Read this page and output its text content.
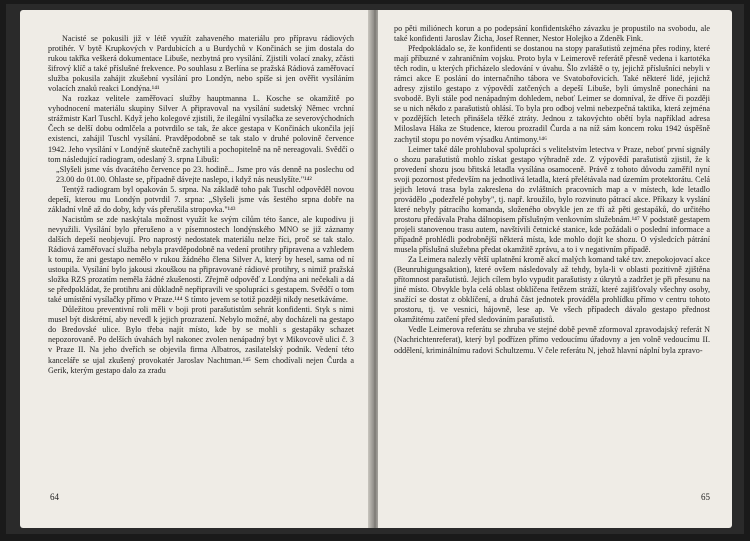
Nacisté se pokusili již v létě využít zahaveného materiálu pro přípravu rádiových protihér. V bytě Krupkových v Pardubicích a u Burdychů v Končinách se jim dostala do rukou takřka veškerá dokumentace Libuše, nezbytná pro vysílání. Zjistili volací znaky, zčásti šifrový klíč a také příslušné frekvence. Po souhlasu z Berlína se pražská Rádiová zaměřovací služba pokusila zahájit zkušební vysílání pro Londýn, nebo spíše si jen ověřit vysíláním volacích znaků reakci Londýna.¹⁴¹

Na rozkaz velitele zaměřovací služby hauptmanna L. Kosche se okamžitě po vyhodnocení materiálu skupiny Silver A připravoval na vysílání sudetský Němec vrchní strážmistr Karl Tuschl. Když jeho kolegové zjistili, že ilegální vysílačka ze severovýchodních Čech se delší dobu odmlčela a potvrdilo se tak, že akce gestapa v Končinách ukončila její existenci, zahájil Tuschl vysílání. Pravděpodobně se tak stalo v druhé polovině července 1942. Jeho vysílání v Londýně skutečně zachytili a pochopitelně na ně nereagovali. Svědčí o tom následující radiogram, odeslaný 3. srpna Libuši:

„Slyšeli jsme vás dvacátého července po 23. hodině... Jsme pro vás denně na poslechu od 23.00 do 01.00. Ohlaste se, případně dávejte naslepo, i když nás neuslyšíte."¹⁴²

Tentýž radiogram byl opakován 5. srpna. Na základě toho pak Tuschl odpověděl novou depeší, kterou mu Londýn potvrdil 7. srpna: „Slyšeli jsme vás šestého srpna dobře na základní vlně až do doby, kdy vás přerušila stropovka."¹⁴³

Nacistům se zde naskýtala možnost využít ke svým cílům této šance, ale kupodivu ji nevyužili. Vysílání bylo přerušeno a v písemnostech londýnského MNO se již záznamy dalších depeší neobjevují. Pro naprostý nedostatek materiálu nelze říci, proč se tak stalo. Rádiová zaměřovací služba nebyla pravděpodobně na vedení protihry připravena a vzhledem k tomu, že ani gestapo nemělo v rukou žádného člena Silver A, který by hesel, sama od ní ustoupila. Vysílání bylo jakousi zkouškou na připravované rádiové protihry, s nimiž pražská složka RZS prozatím neměla žádné zkušenosti. Zřejmě odpověď z Londýna ani nečekali a dá se předpokládat, že protihru ani důkladně nepřipravili ve spolupráci s gestapem. Svědčí o tom také umístění vysílačky přímo v Praze.¹⁴⁴ S tímto jevem se totiž později nikdy nesetkáváme.

Důležitou preventivní roli měli v boji proti parašutistům sehrát konfidenti. Styk s nimi musel být diskrétní, aby nevedl k jejich prozrazení. Nebylo možné, aby docházeli na gestapo do Bredovské ulice. Bylo třeba najít místo, kde by se mohli s gestapáky schazet nepozorovaně. Po delších úvahách byl nakonec zvolen nenápadný byt v Mikovcově ulici č. 3 v Praze II. Na jeho dveřích se objevila firma Albatros, zasilatelský podnik. Vedení této kanceláře se ujal zkušený provokatér Jaroslav Nachtman.¹⁴⁵ Sem chodívali nejen Čurda a Gerik, kterým gestapo dalo za zradu

64

po pěti miliónech korun a po podepsání konfidentského závazku je propustilo na svobodu, ale také konfidenti Jaroslav Žicha, Josef Renner, Nestor Holejko a Zdeněk Fink.

Předpokládalo se, že konfidenti se dostanou na stopy parašutistů zejména přes rodiny, které mají příbuzné v zahraničním vojsku. Proto byla v Leimerově referátě přesně vedena i kartotéka těch rodin, u kterých přicházelo sledování v úvahu. Šlo zvláště o ty, jejichž příslušníci nebyli v rámci akce E poslání do internačního tábora ve Svatobořovicích. Také některé lidé, jejichž adresy zjistilo gestapo z výpovědí zatčených a depeší Libuše, byli úmyslně ponecháni na svobodě. Byli stále pod nenápadným dohledem, neboť Leimer se domníval, že dříve či později se u nich někdo z parašutistů ohlásí. To byla pro odboj velmi nebezpečná taktika, která zejména v pozdějších letech přinášela těžké ztráty. Jednou z takovýchto obětí byla například adresa Miloslava Háka ze Studence, kterou prozradil Čurda a na níž sám koncem roku 1942 úspěšně zachytil stopu po novém výsadku Antimony.¹⁴⁶

Leimer také dále prohluboval spolupráci s velitelstvím letectva v Praze, neboť první signály o shozu parašutistů mohlo získat gestapo výhradně zde. Z výpovědí parašutistů zjistil, že k provedení shozu jsou břitská letadla vysílána osamoceně. Právě z tohoto důvodu zaměřil nyní svoji pozornost především na jednotlivá letadla, která přelétávala nad územím protektorátu. Celá jejich letová trasa byla zakreslena do zvláštních pracovních map a v místech, kde letadlo provádělo „podezřelé pohyby", tj. např. kroužilo, bylo rozvinuto pátrací akce. Příkazy k vyslání které nebyly pátracího komanda, složeného obvykle jen ze tří až pěti gestapáků, do určitého prostoru předávala Praha dálnopisem příslušným venkovním služebnám.¹⁴⁷ V podstatě gestapem projeli stanovenou trasu autem, navštívili četnické stanice, kde požádali o poslední informace a případně prohlédli podrobnější některá místa, kde mohlo dojít ke shozu. O výsledcích pátrání musela příslušná služebna předat okamžitě zprávu, a to i v negativním případě.

Za Leimera nalezly větší uplatnění kromě akcí malých komand také tzv. znepokojovací akce (Beunruhigungsaktion), které ovšem následovaly až tehdy, byla-li v oblasti pozitivně zjištěna přítomnost parašutistů. Jejich cílem bylo vypudit parašutisty z úkrytů a zadržet je při přesunu na jiné místo. Obvykle byla celá oblast obklíčena řetězem stráží, které zajišťovaly všechny osoby, snažící se dostat z obklíčení, a druhá část jednotek prováděla prohlídku přímo v centru tohoto prostoru, tj. ve vesnici, hájovně, lese ap. Ve všech případech dávalo gestapo přednost okamžitému zatčení před sledováním parašutistů.

Vedle Leimerova referátu se zhruba ve stejné době pevně zformoval zpravodajský referát N (Nachrichtenreferat), který byl podřízen přímo vedoucímu úřadovny a jen volně vedoucímu II. oddělení, kriminálnímu radovi Schultzemu. V čele referátu N, jehož hlavní náplní byla zpravo-

65
